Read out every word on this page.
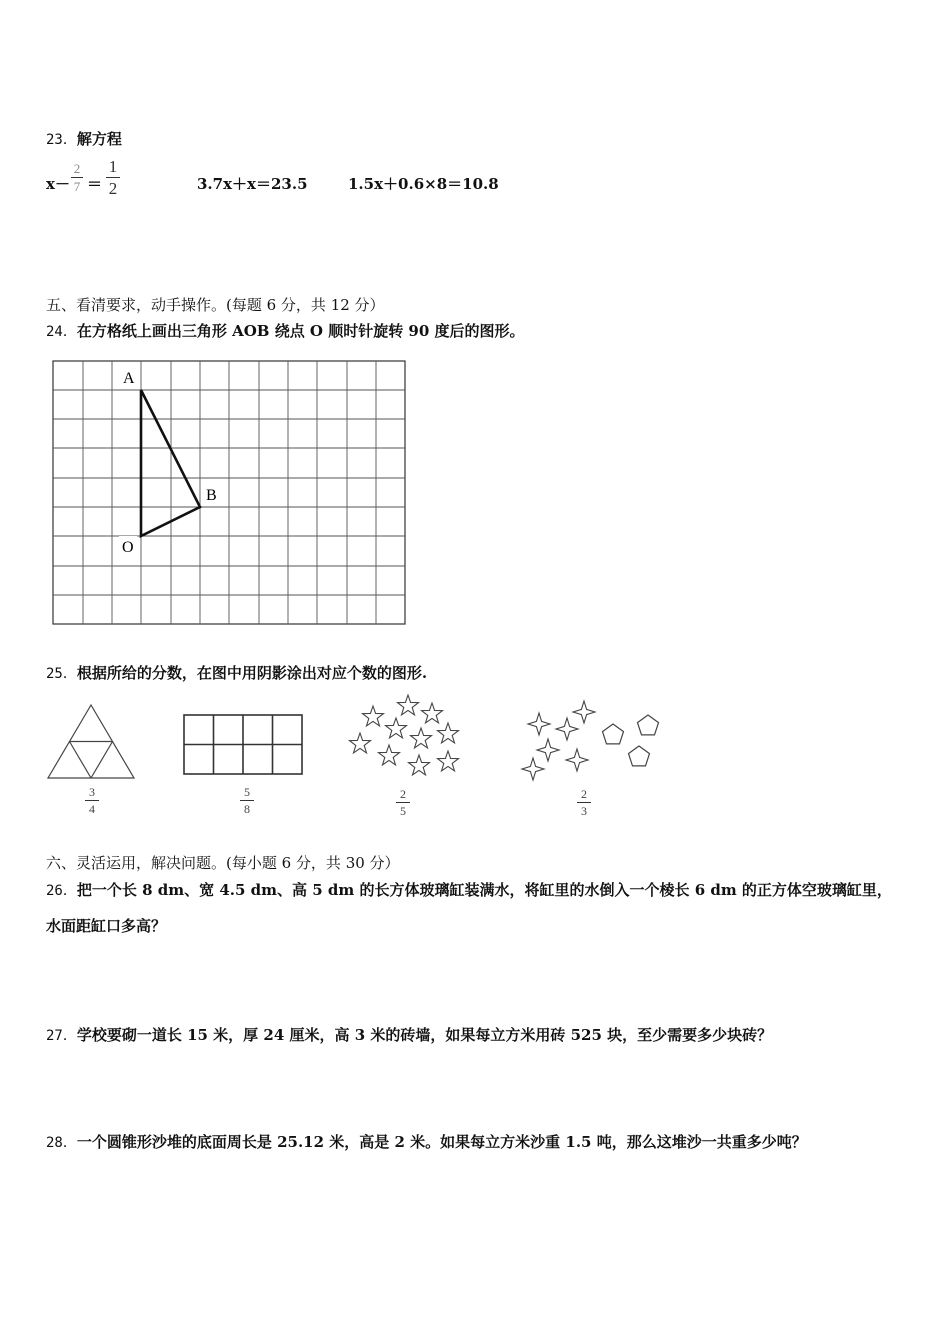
23．解方程
x－
2
7 ＝
1
2	3.7x＋x＝23.5	1.5x＋0.6×8＝10.8
五、看清要求，动手操作。(每题 6 分，共 12 分）
24．在方格纸上画出三角形 AOB 绕点 O 顺时针旋转 90 度后的图形。
A
B
O
25．根据所给的分数，在图中用阴影涂出对应个数的图形.
3
4
5
8
2
5
2
3
六、灵活运用，解决问题。(每小题 6 分，共 30 分）
26．把一个长 8 dm、宽 4.5 dm、高 5 dm 的长方体玻璃缸装满水，将缸里的水倒入一个棱长 6 dm 的正方体空玻璃缸里，
水面距缸口多高？
27．学校要砌一道长 15 米，厚 24 厘米，高 3 米的砖墙，如果每立方米用砖 525 块，至少需要多少块砖？
28．一个圆锥形沙堆的底面周长是 25.12 米，高是 2 米。如果每立方米沙重 1.5 吨，那么这堆沙一共重多少吨？
